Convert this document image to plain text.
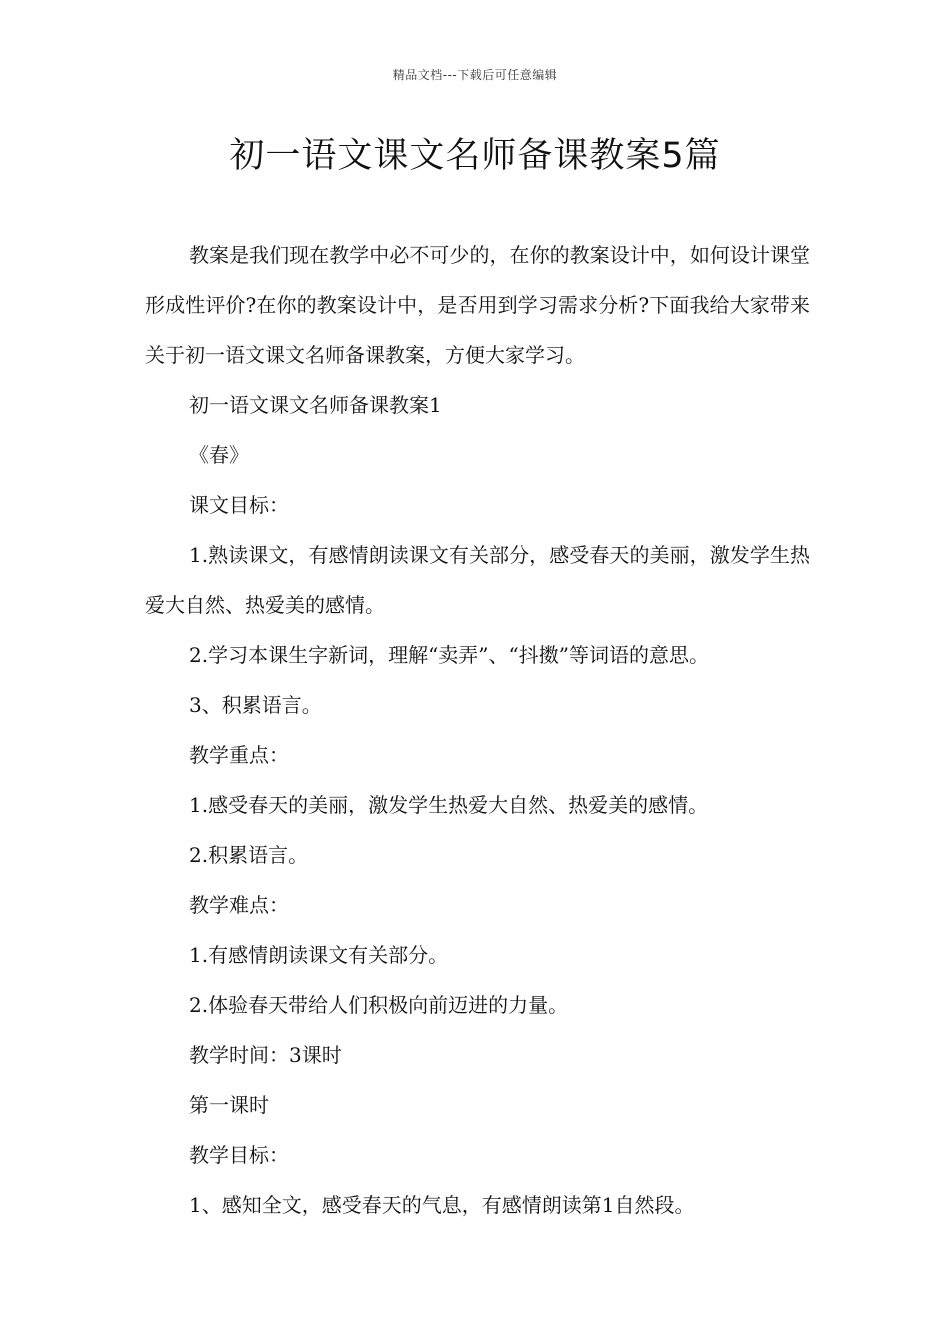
精品文档---下载后可任意编辑
初一语文课文名师备课教案5篇

教案是我们现在教学中必不可少的，在你的教案设计中，如何设计课堂形成性评价?在你的教案设计中，是否用到学习需求分析?下面我给大家带来关于初一语文课文名师备课教案，方便大家学习。

初一语文课文名师备课教案1

《春》

课文目标：

1.熟读课文，有感情朗读课文有关部分，感受春天的美丽，激发学生热爱大自然、热爱美的感情。

2.学习本课生字新词，理解“卖弄”、“抖擞”等词语的意思。

3、积累语言。

教学重点：

1.感受春天的美丽，激发学生热爱大自然、热爱美的感情。

2.积累语言。

教学难点：

1.有感情朗读课文有关部分。

2.体验春天带给人们积极向前迈进的力量。

教学时间：3课时

第一课时

教学目标：

1、感知全文，感受春天的气息，有感情朗读第1自然段。
